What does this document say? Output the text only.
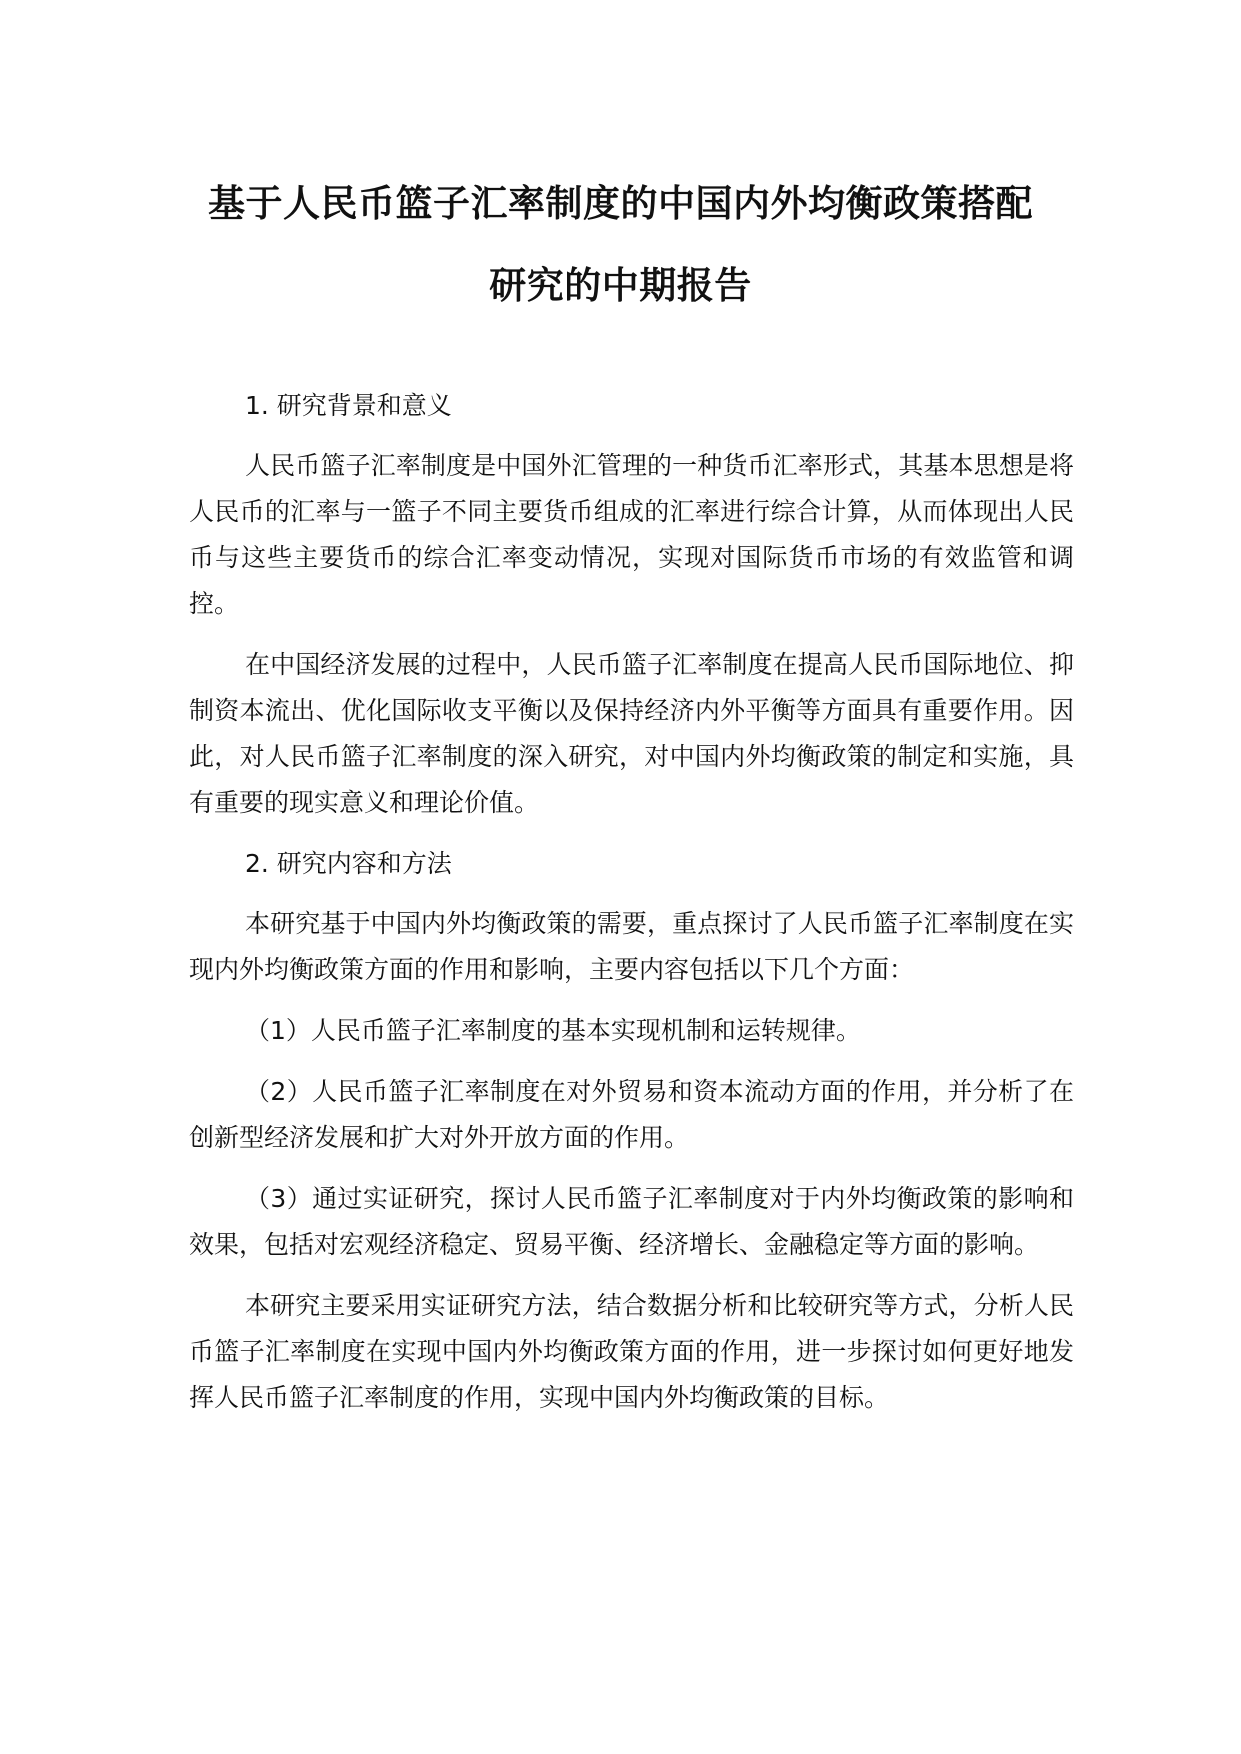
基于人民币篮子汇率制度的中国内外均衡政策搭配
研究的中期报告

1. 研究背景和意义

人民币篮子汇率制度是中国外汇管理的一种货币汇率形式，其基本思想是将人民币的汇率与一篮子不同主要货币组成的汇率进行综合计算，从而体现出人民币与这些主要货币的综合汇率变动情况，实现对国际货币市场的有效监管和调控。

在中国经济发展的过程中，人民币篮子汇率制度在提高人民币国际地位、抑制资本流出、优化国际收支平衡以及保持经济内外平衡等方面具有重要作用。因此，对人民币篮子汇率制度的深入研究，对中国内外均衡政策的制定和实施，具有重要的现实意义和理论价值。

2. 研究内容和方法

本研究基于中国内外均衡政策的需要，重点探讨了人民币篮子汇率制度在实现内外均衡政策方面的作用和影响，主要内容包括以下几个方面：

（1）人民币篮子汇率制度的基本实现机制和运转规律。

（2）人民币篮子汇率制度在对外贸易和资本流动方面的作用，并分析了在创新型经济发展和扩大对外开放方面的作用。

（3）通过实证研究，探讨人民币篮子汇率制度对于内外均衡政策的影响和效果，包括对宏观经济稳定、贸易平衡、经济增长、金融稳定等方面的影响。

本研究主要采用实证研究方法，结合数据分析和比较研究等方式，分析人民币篮子汇率制度在实现中国内外均衡政策方面的作用，进一步探讨如何更好地发挥人民币篮子汇率制度的作用，实现中国内外均衡政策的目标。
